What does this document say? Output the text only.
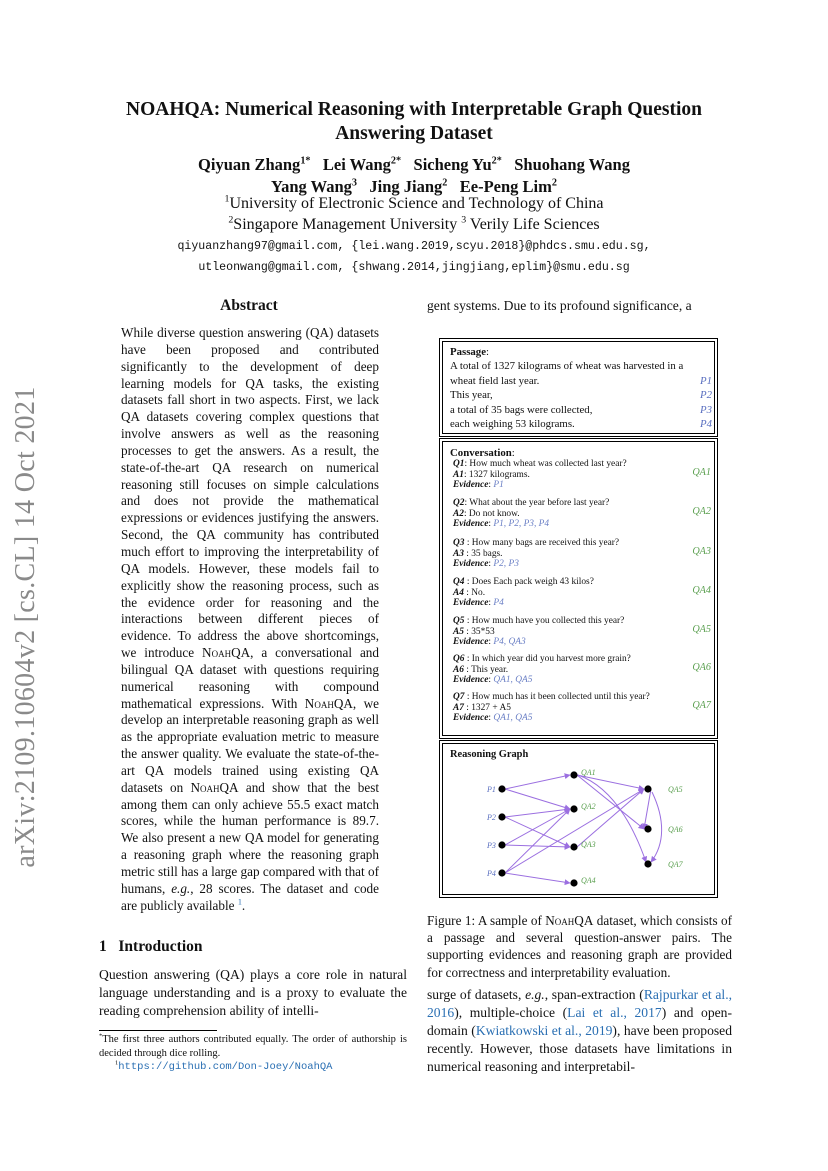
NOAHQA: Numerical Reasoning with Interpretable Graph Question
Answering Dataset
Qiyuan Zhang$^{1*}$ Lei Wang$^{2*}$ Sicheng $Yu^{2*}$ Shuohang Wang
Yang Wang$^3$ Jing Jiang$^2$ Ee-Peng Lim$^2$
$^1$University of Electronic Science and Technology of China
$^2$Singapore Management University $^3$ Verily Life Sciences
qiyuanzhang97@gmail.com, {lei.wang.2019,scyu.2018}@phdcs.smu.edu.sg,
utleonwang@gmail.com, {shwang.2014,jingjiang,eplim}@smu.edu.sg
arXiv:2109.10604v2 [cs.CL] 14 Oct 2021
Abstract
While diverse question answering (QA) datasets have been proposed and contributed significantly to the development of deep learning models for QA tasks, the existing datasets fall short in two aspects. First, we lack QA datasets covering complex questions that involve answers as well as the reasoning processes to get the answers. As a result, the state-of-the-art QA research on numerical reasoning still focuses on simple calculations and does not provide the mathematical expressions or evidences justifying the answers. Second, the QA community has contributed much effort to improving the interpretability of QA models. However, these models fail to explicitly show the reasoning process, such as the evidence order for reasoning and the interactions between different pieces of evidence. To address the above shortcomings, we introduce NoahQA, a conversational and bilingual QA dataset with questions requiring numerical reasoning with compound mathematical expressions. With NoahQA, we develop an interpretable reasoning graph as well as the appropriate evaluation metric to measure the answer quality. We evaluate the state-of-the-art QA models trained using existing QA datasets on NoahQA and show that the best among them can only achieve 55.5 exact match scores, while the human performance is 89.7. We also present a new QA model for generating a reasoning graph where the reasoning graph metric still has a large gap compared with that of humans, e.g., 28 scores. The dataset and code are publicly available $^1$.
1 Introduction
Question answering (QA) plays a core role in natural language understanding and is a proxy to evaluate the reading comprehension ability of intelli-
*The first three authors contributed equally. The order of authorship is decided through dice rolling.
$^1$https://github.com/Don-Joey/NoahQA
gent systems. Due to its profound significance, a
Passage:
A total of 1327 kilograms of wheat was harvested in a
wheat field last year.	P1
This year,	P2
a total of 35 bags were collected,	P3
each weighing 53 kilograms.	P4
Conversation:
Q1: How much wheat was collected last year?
A1: 1327 kilograms.
Evidence: P1
QA1
Q2: What about the year before last year?
A2: Do not know.
Evidence: P1, P2, P3, P4
QA2
Q3 : How many bags are received this year?
A3 : 35 bags.
Evidence: P2, P3
QA3
Q4 : Does Each pack weigh 43 kilos?
A4 : No.
Evidence: P4
QA4
Q5 : How much have you collected this year?
A5 : 35*53
Evidence: P4, QA3
QA5
Q6 : In which year did you harvest more grain?
A6 : This year.
Evidence: QA1, QA5
QA6
Q7 : How much has it been collected until this year?
A7 : 1327 + A5
Evidence: QA1, QA5
QA7
Reasoning Graph
P1
P2
P3
P4
QA1
QA2
QA3
QA4
QA5
QA6
QA7
Figure 1: A sample of NoahQA dataset, which consists of a passage and several question-answer pairs. The supporting evidences and reasoning graph are provided for correctness and interpretability evaluation.
surge of datasets, e.g., span-extraction (Rajpurkar et al., 2016), multiple-choice (Lai et al., 2017) and open-domain (Kwiatkowski et al., 2019), have been proposed recently. However, those datasets have limitations in numerical reasoning and interpretabil-
